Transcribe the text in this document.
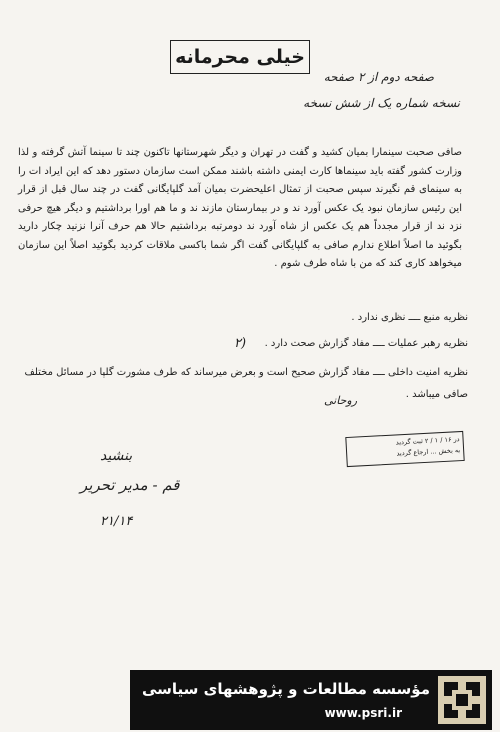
خیلی محرمانه
صفحه دوم از ۲ صفحه
نسخه شماره یک از شش نسخه

صافی صحبت سینمارا بمیان کشید و گفت در تهران و دیگر شهرستانها تاکنون چند تا سینما آتش گرفته و لذا وزارت کشور گفته باید سینماها کارت ایمنی داشته باشند ممکن است سازمان دستور دهد که این ایراد ات را به سینمای قم نگیرند سپس صحبت از تمثال اعلیحضرت بمیان آمد گلپایگانی گفت در چند سال قبل از قرار این رئیس سازمان نبود یک عکس آورد ند و در بیمارستان مازند ند و ما هم اورا برداشتیم و دیگر هیچ حرفی نزد ند از قرار مجدداً هم یک عکس از شاه آورد ند دومرتبه برداشتیم حالا هم حرف آنرا نزنید چکار دارید بگوئید ما اصلاً اطلاع ندارم صافی به گلپایگانی گفت اگر شما باکسی ملاقات کردید بگوئید اصلاً این سازمان میخواهد کاری کند که من با شاه طرف شوم .

نظریه منبع ــــ نظری ندارد .
نظریه رهبر عملیات ــــ مفاد گزارش صحت دارد .
(۲
نظریه امنیت داخلی ــــ مفاد گزارش صحیح است و بعرض میرساند که طرف مشورت گلپا در مسائل مختلف صافی میباشد .
روحانی
در ۱۶ / ۱ / ۲ ثبت گردید
به بخش ... ارجاع گردید
بنشید
قم - مدیر تحریر
۲۱/۱۴
مؤسسه مطالعات و پژوهشهای سیاسی
www.psri.ir
